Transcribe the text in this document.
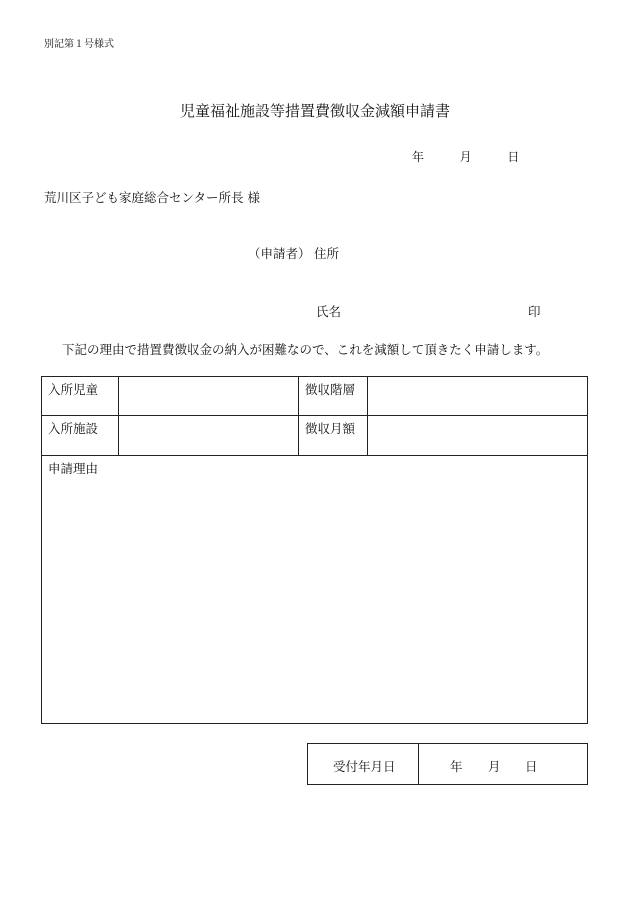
別記第１号様式
児童福祉施設等措置費徴収金減額申請書
年	月	日
荒川区子ども家庭総合センター所長 様
（申請者） 住所
氏名	印
下記の理由で措置費徴収金の納入が困難なので、これを減額して頂きたく申請します。
入所児童	徴収階層
入所施設	徴収月額
申請理由
受付年月日	年 月 日
